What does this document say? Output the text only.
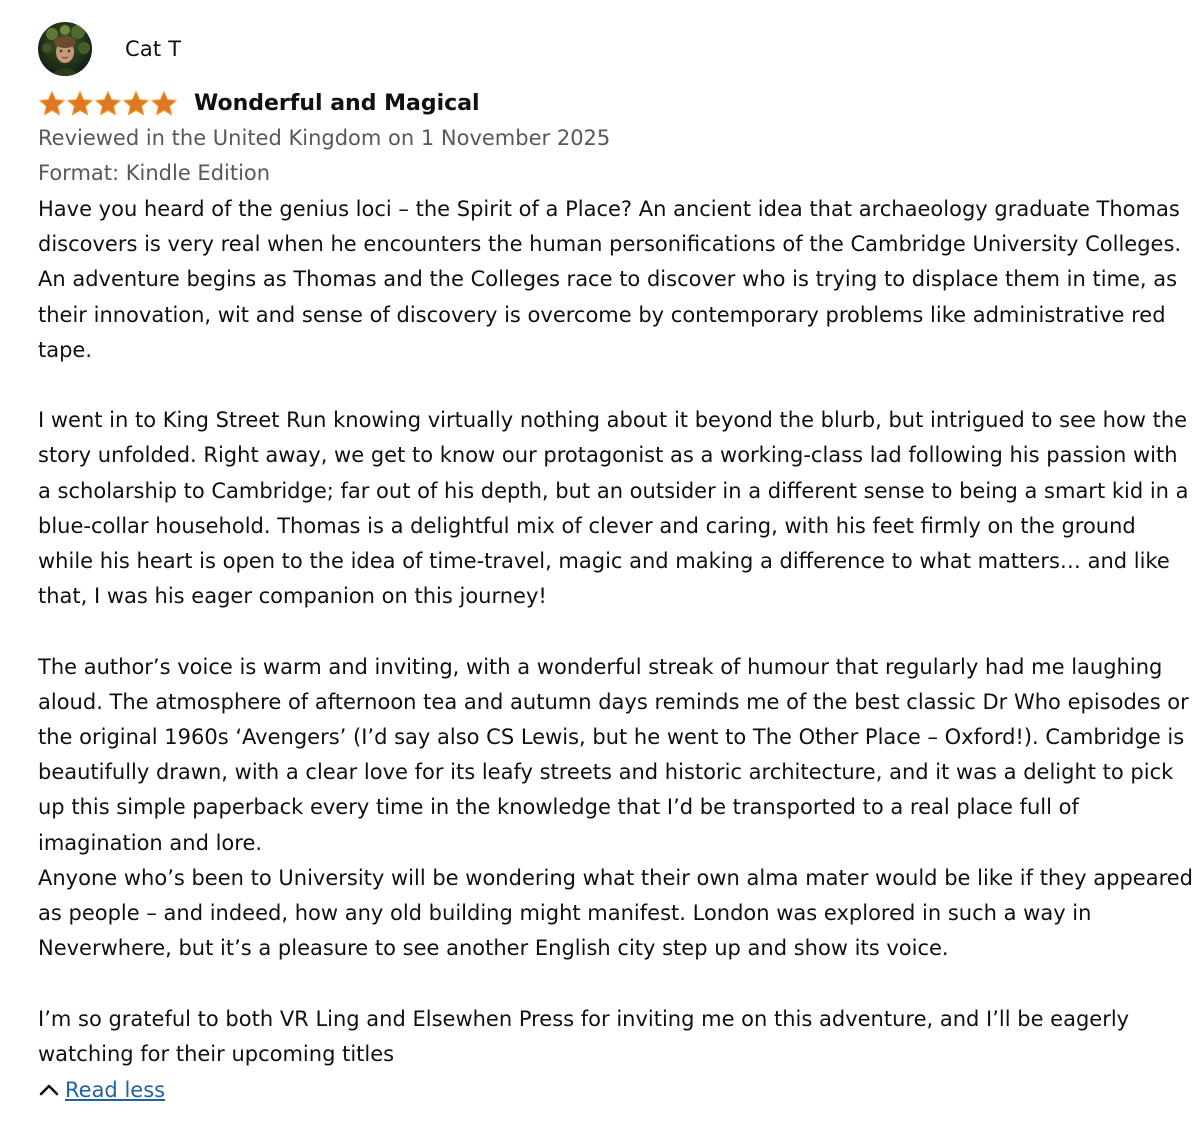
Cat T
Wonderful and Magical
Reviewed in the United Kingdom on 1 November 2025
Format: Kindle Edition

Have you heard of the genius loci – the Spirit of a Place? An ancient idea that archaeology graduate Thomas discovers is very real when he encounters the human personifications of the Cambridge University Colleges. An adventure begins as Thomas and the Colleges race to discover who is trying to displace them in time, as their innovation, wit and sense of discovery is overcome by contemporary problems like administrative red tape.

I went in to King Street Run knowing virtually nothing about it beyond the blurb, but intrigued to see how the story unfolded. Right away, we get to know our protagonist as a working-class lad following his passion with a scholarship to Cambridge; far out of his depth, but an outsider in a different sense to being a smart kid in a blue-collar household. Thomas is a delightful mix of clever and caring, with his feet firmly on the ground while his heart is open to the idea of time-travel, magic and making a difference to what matters… and like that, I was his eager companion on this journey!

The author’s voice is warm and inviting, with a wonderful streak of humour that regularly had me laughing aloud. The atmosphere of afternoon tea and autumn days reminds me of the best classic Dr Who episodes or the original 1960s ‘Avengers’ (I’d say also CS Lewis, but he went to The Other Place – Oxford!). Cambridge is beautifully drawn, with a clear love for its leafy streets and historic architecture, and it was a delight to pick up this simple paperback every time in the knowledge that I’d be transported to a real place full of imagination and lore.

Anyone who’s been to University will be wondering what their own alma mater would be like if they appeared as people – and indeed, how any old building might manifest. London was explored in such a way in Neverwhere, but it’s a pleasure to see another English city step up and show its voice.

I’m so grateful to both VR Ling and Elsewhen Press for inviting me on this adventure, and I’ll be eagerly watching for their upcoming titles

Read less
